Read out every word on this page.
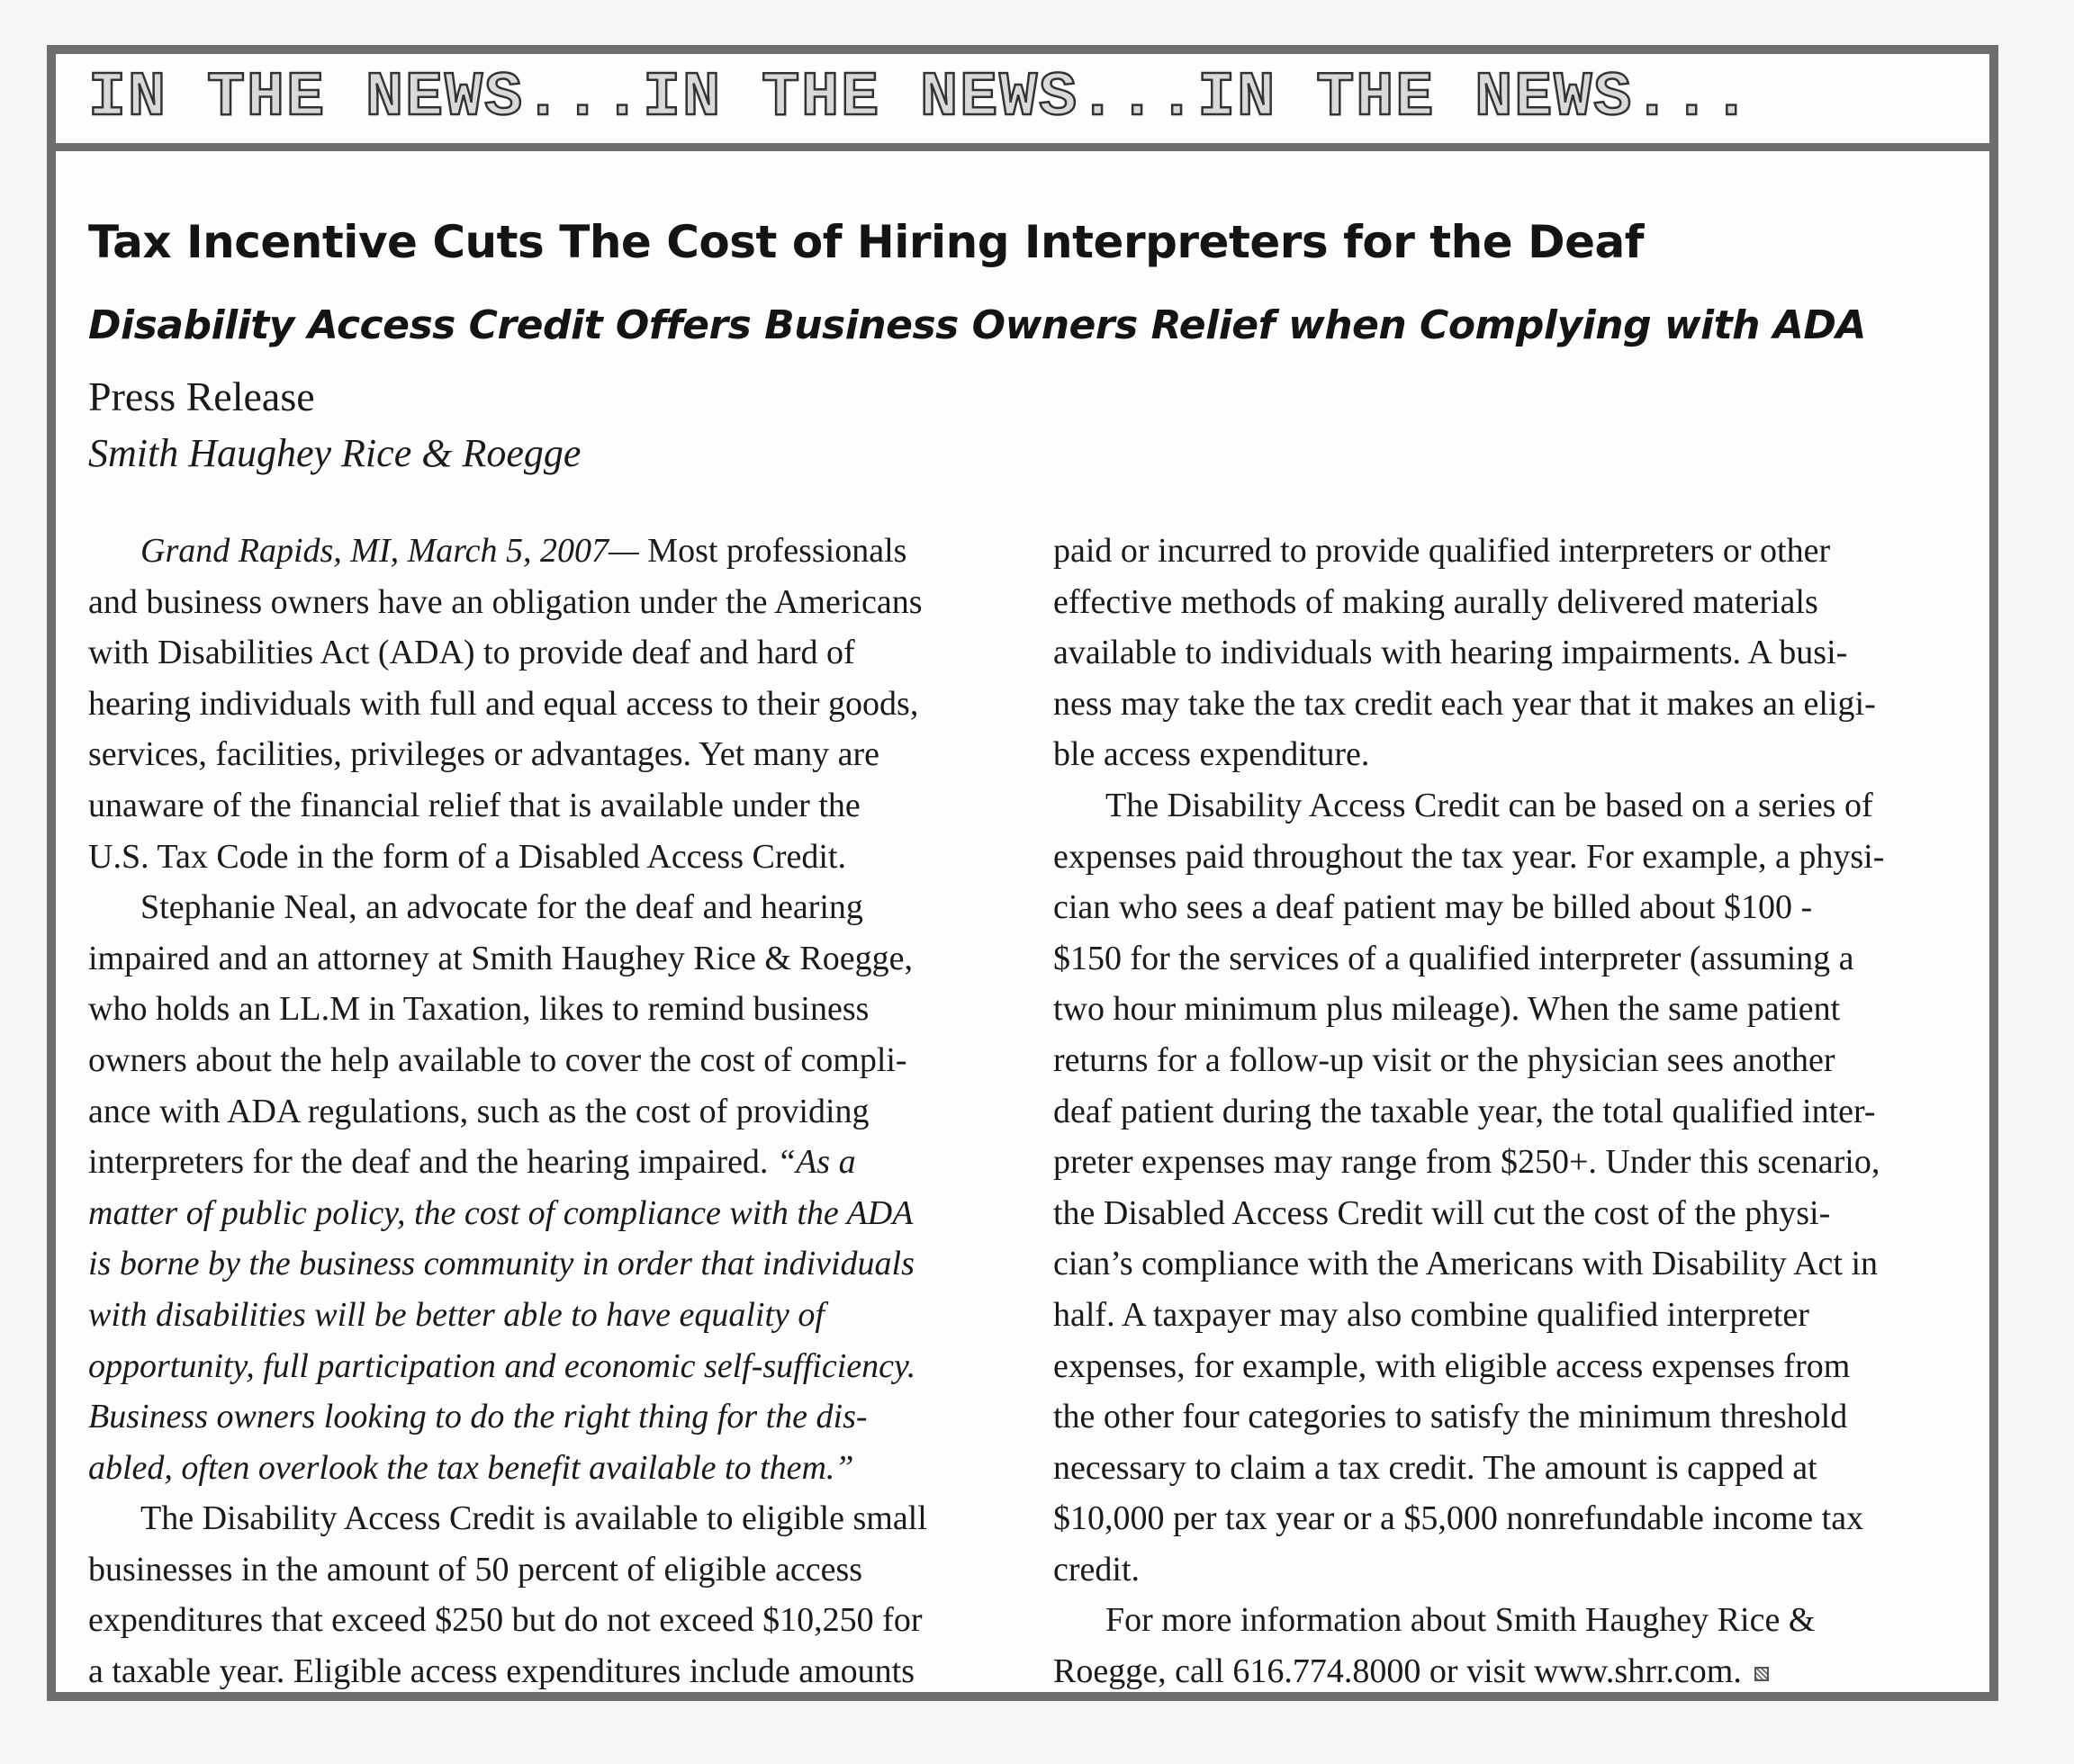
IN THE NEWS...IN THE NEWS...IN THE NEWS...
Tax Incentive Cuts The Cost of Hiring Interpreters for the Deaf
Disability Access Credit Offers Business Owners Relief when Complying with ADA
Press Release
Smith Haughey Rice & Roegge

Grand Rapids, MI, March 5, 2007— Most professionals

and business owners have an obligation under the Americans
with Disabilities Act (ADA) to provide deaf and hard of
hearing individuals with full and equal access to their goods,
services, facilities, privileges or advantages. Yet many are
unaware of the financial relief that is available under the
U.S. Tax Code in the form of a Disabled Access Credit.

Stephanie Neal, an advocate for the deaf and hearing

impaired and an attorney at Smith Haughey Rice & Roegge,
who holds an LL.M in Taxation, likes to remind business
owners about the help available to cover the cost of compli-
ance with ADA regulations, such as the cost of providing
interpreters for the deaf and the hearing impaired. “As a
matter of public policy, the cost of compliance with the ADA
is borne by the business community in order that individuals
with disabilities will be better able to have equality of
opportunity, full participation and economic self-sufficiency.
Business owners looking to do the right thing for the dis-
abled, often overlook the tax benefit available to them.”

The Disability Access Credit is available to eligible small

businesses in the amount of 50 percent of eligible access
expenditures that exceed $250 but do not exceed $10,250 for
a taxable year. Eligible access expenditures include amounts

paid or incurred to provide qualified interpreters or other
effective methods of making aurally delivered materials
available to individuals with hearing impairments. A busi-
ness may take the tax credit each year that it makes an eligi-
ble access expenditure.

The Disability Access Credit can be based on a series of

expenses paid throughout the tax year. For example, a physi-
cian who sees a deaf patient may be billed about $100 -
$150 for the services of a qualified interpreter (assuming a
two hour minimum plus mileage). When the same patient
returns for a follow-up visit or the physician sees another
deaf patient during the taxable year, the total qualified inter-
preter expenses may range from $250+. Under this scenario,
the Disabled Access Credit will cut the cost of the physi-
cian’s compliance with the Americans with Disability Act in
half. A taxpayer may also combine qualified interpreter
expenses, for example, with eligible access expenses from
the other four categories to satisfy the minimum threshold
necessary to claim a tax credit. The amount is capped at
$10,000 per tax year or a $5,000 nonrefundable income tax
credit.

For more information about Smith Haughey Rice &

Roegge, call 616.774.8000 or visit www.shrr.com.
